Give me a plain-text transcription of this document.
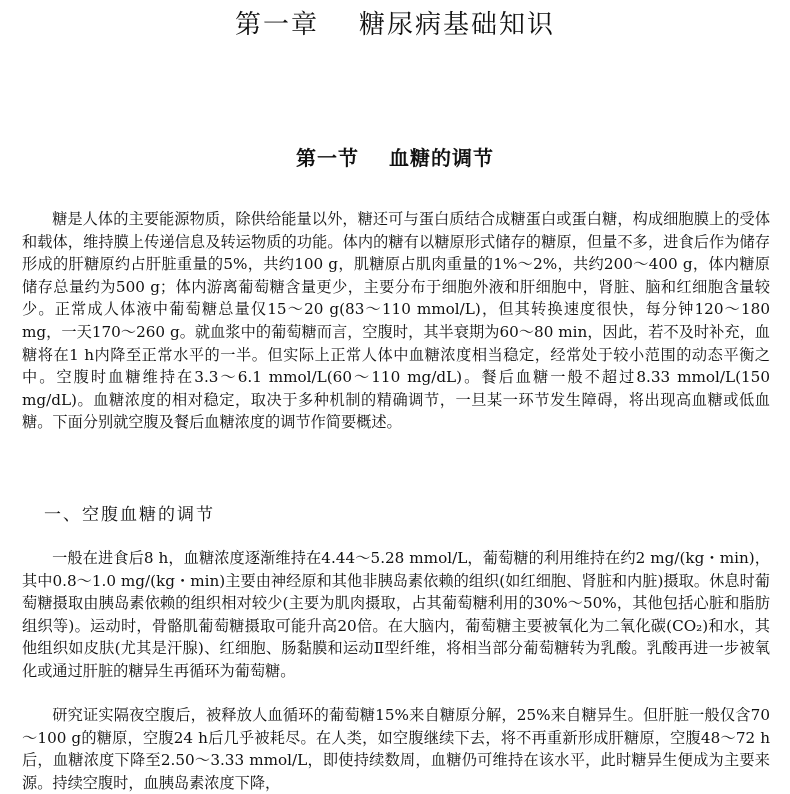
第一章 糖尿病基础知识
第一节 血糖的调节

糖是人体的主要能源物质，除供给能量以外，糖还可与蛋白质结合成糖蛋白或蛋白糖，构成细胞膜上的受体和载体，维持膜上传递信息及转运物质的功能。体内的糖有以糖原形式储存的糖原，但量不多，进食后作为储存形成的肝糖原约占肝脏重量的5%，共约100 g，肌糖原占肌肉重量的1%～2%，共约200～400 g，体内糖原储存总量约为500 g；体内游离葡萄糖含量更少，主要分布于细胞外液和肝细胞中，肾脏、脑和红细胞含量较少。正常成人体液中葡萄糖总量仅15～20 g(83～110 mmol/L)，但其转换速度很快，每分钟120～180 mg，一天170～260 g。就血浆中的葡萄糖而言，空腹时，其半衰期为60～80 min，因此，若不及时补充，血糖将在1 h内降至正常水平的一半。但实际上正常人体中血糖浓度相当稳定，经常处于较小范围的动态平衡之中。空腹时血糖维持在3.3～6.1 mmol/L(60～110 mg/dL)。餐后血糖一般不超过8.33 mmol/L(150 mg/dL)。血糖浓度的相对稳定，取决于多种机制的精确调节，一旦某一环节发生障碍，将出现高血糖或低血糖。下面分别就空腹及餐后血糖浓度的调节作简要概述。

一、空腹血糖的调节

一般在进食后8 h，血糖浓度逐渐维持在4.44～5.28 mmol/L，葡萄糖的利用维持在约2 mg/(kg・min)，其中0.8～1.0 mg/(kg・min)主要由神经原和其他非胰岛素依赖的组织(如红细胞、肾脏和内脏)摄取。休息时葡萄糖摄取由胰岛素依赖的组织相对较少(主要为肌肉摄取，占其葡萄糖利用的30%～50%，其他包括心脏和脂肪组织等)。运动时，骨骼肌葡萄糖摄取可能升高20倍。在大脑内，葡萄糖主要被氧化为二氧化碳(CO₂)和水，其他组织如皮肤(尤其是汗腺)、红细胞、肠黏膜和运动Ⅱ型纤维，将相当部分葡萄糖转为乳酸。乳酸再进一步被氧化或通过肝脏的糖异生再循环为葡萄糖。

研究证实隔夜空腹后，被释放人血循环的葡萄糖15%来自糖原分解，25%来自糖异生。但肝脏一般仅含70～100 g的糖原，空腹24 h后几乎被耗尽。在人类，如空腹继续下去，将不再重新形成肝糖原，空腹48～72 h后，血糖浓度下降至2.50～3.33 mmol/L，即使持续数周，血糖仍可维持在该水平，此时糖异生便成为主要来源。持续空腹时，血胰岛素浓度下降，
